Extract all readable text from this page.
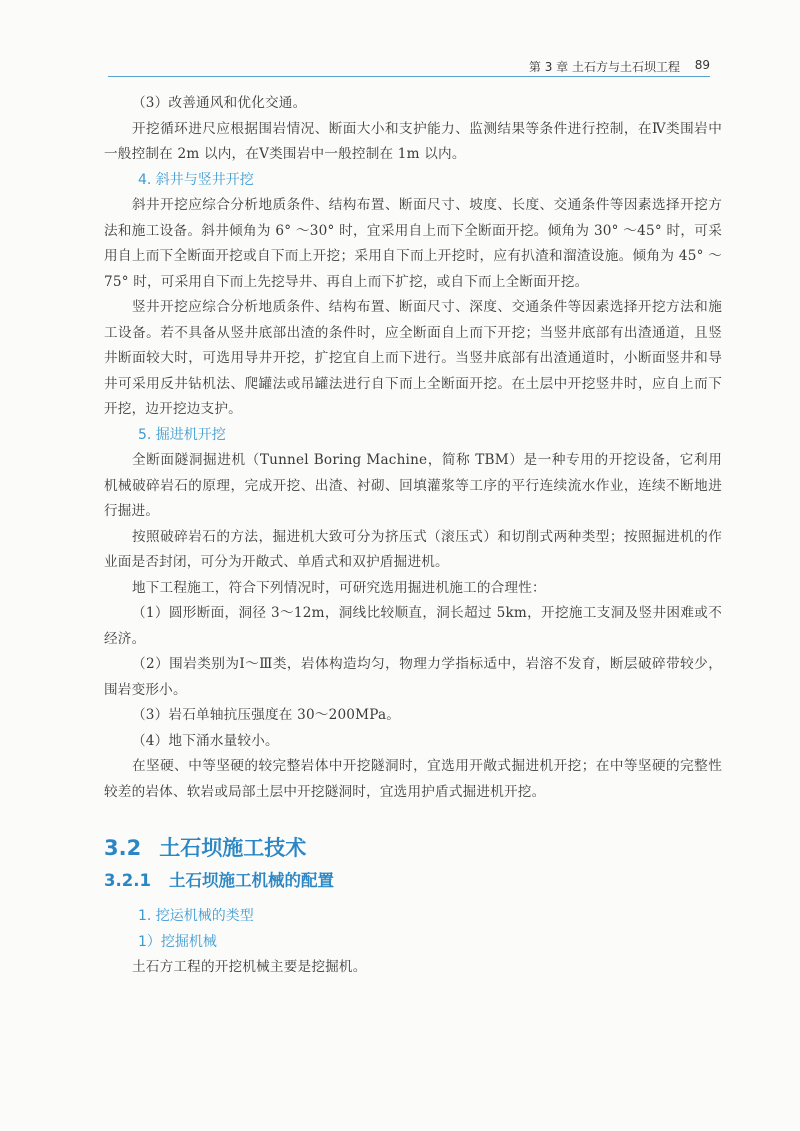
第 3 章 土石方与土石坝工程 89

（3）改善通风和优化交通。

开挖循环进尺应根据围岩情况、断面大小和支护能力、监测结果等条件进行控制，在Ⅳ类围岩中一般控制在 2m 以内，在Ⅴ类围岩中一般控制在 1m 以内。

4. 斜井与竖井开挖

斜井开挖应综合分析地质条件、结构布置、断面尺寸、坡度、长度、交通条件等因素选择开挖方法和施工设备。斜井倾角为 6° ～30° 时，宜采用自上而下全断面开挖。倾角为 30° ～45° 时，可采用自上而下全断面开挖或自下而上开挖；采用自下而上开挖时，应有扒渣和溜渣设施。倾角为 45° ～75° 时，可采用自下而上先挖导井、再自上而下扩挖，或自下而上全断面开挖。

竖井开挖应综合分析地质条件、结构布置、断面尺寸、深度、交通条件等因素选择开挖方法和施工设备。若不具备从竖井底部出渣的条件时，应全断面自上而下开挖；当竖井底部有出渣通道，且竖井断面较大时，可选用导井开挖，扩挖宜自上而下进行。当竖井底部有出渣通道时，小断面竖井和导井可采用反井钻机法、爬罐法或吊罐法进行自下而上全断面开挖。在土层中开挖竖井时，应自上而下开挖，边开挖边支护。

5. 掘进机开挖

全断面隧洞掘进机（Tunnel Boring Machine，简称 TBM）是一种专用的开挖设备，它利用机械破碎岩石的原理，完成开挖、出渣、衬砌、回填灌浆等工序的平行连续流水作业，连续不断地进行掘进。

按照破碎岩石的方法，掘进机大致可分为挤压式（滚压式）和切削式两种类型；按照掘进机的作业面是否封闭，可分为开敞式、单盾式和双护盾掘进机。

地下工程施工，符合下列情况时，可研究选用掘进机施工的合理性：

（1）圆形断面，洞径 3～12m，洞线比较顺直，洞长超过 5km，开挖施工支洞及竖井困难或不经济。

（2）围岩类别为Ⅰ～Ⅲ类，岩体构造均匀，物理力学指标适中，岩溶不发育，断层破碎带较少，围岩变形小。

（3）岩石单轴抗压强度在 30～200MPa。

（4）地下涌水量较小。

在坚硬、中等坚硬的较完整岩体中开挖隧洞时，宜选用开敞式掘进机开挖；在中等坚硬的完整性较差的岩体、软岩或局部土层中开挖隧洞时，宜选用护盾式掘进机开挖。

3.2 土石坝施工技术
3.2.1 土石坝施工机械的配置
1. 挖运机械的类型
1）挖掘机械

土石方工程的开挖机械主要是挖掘机。
